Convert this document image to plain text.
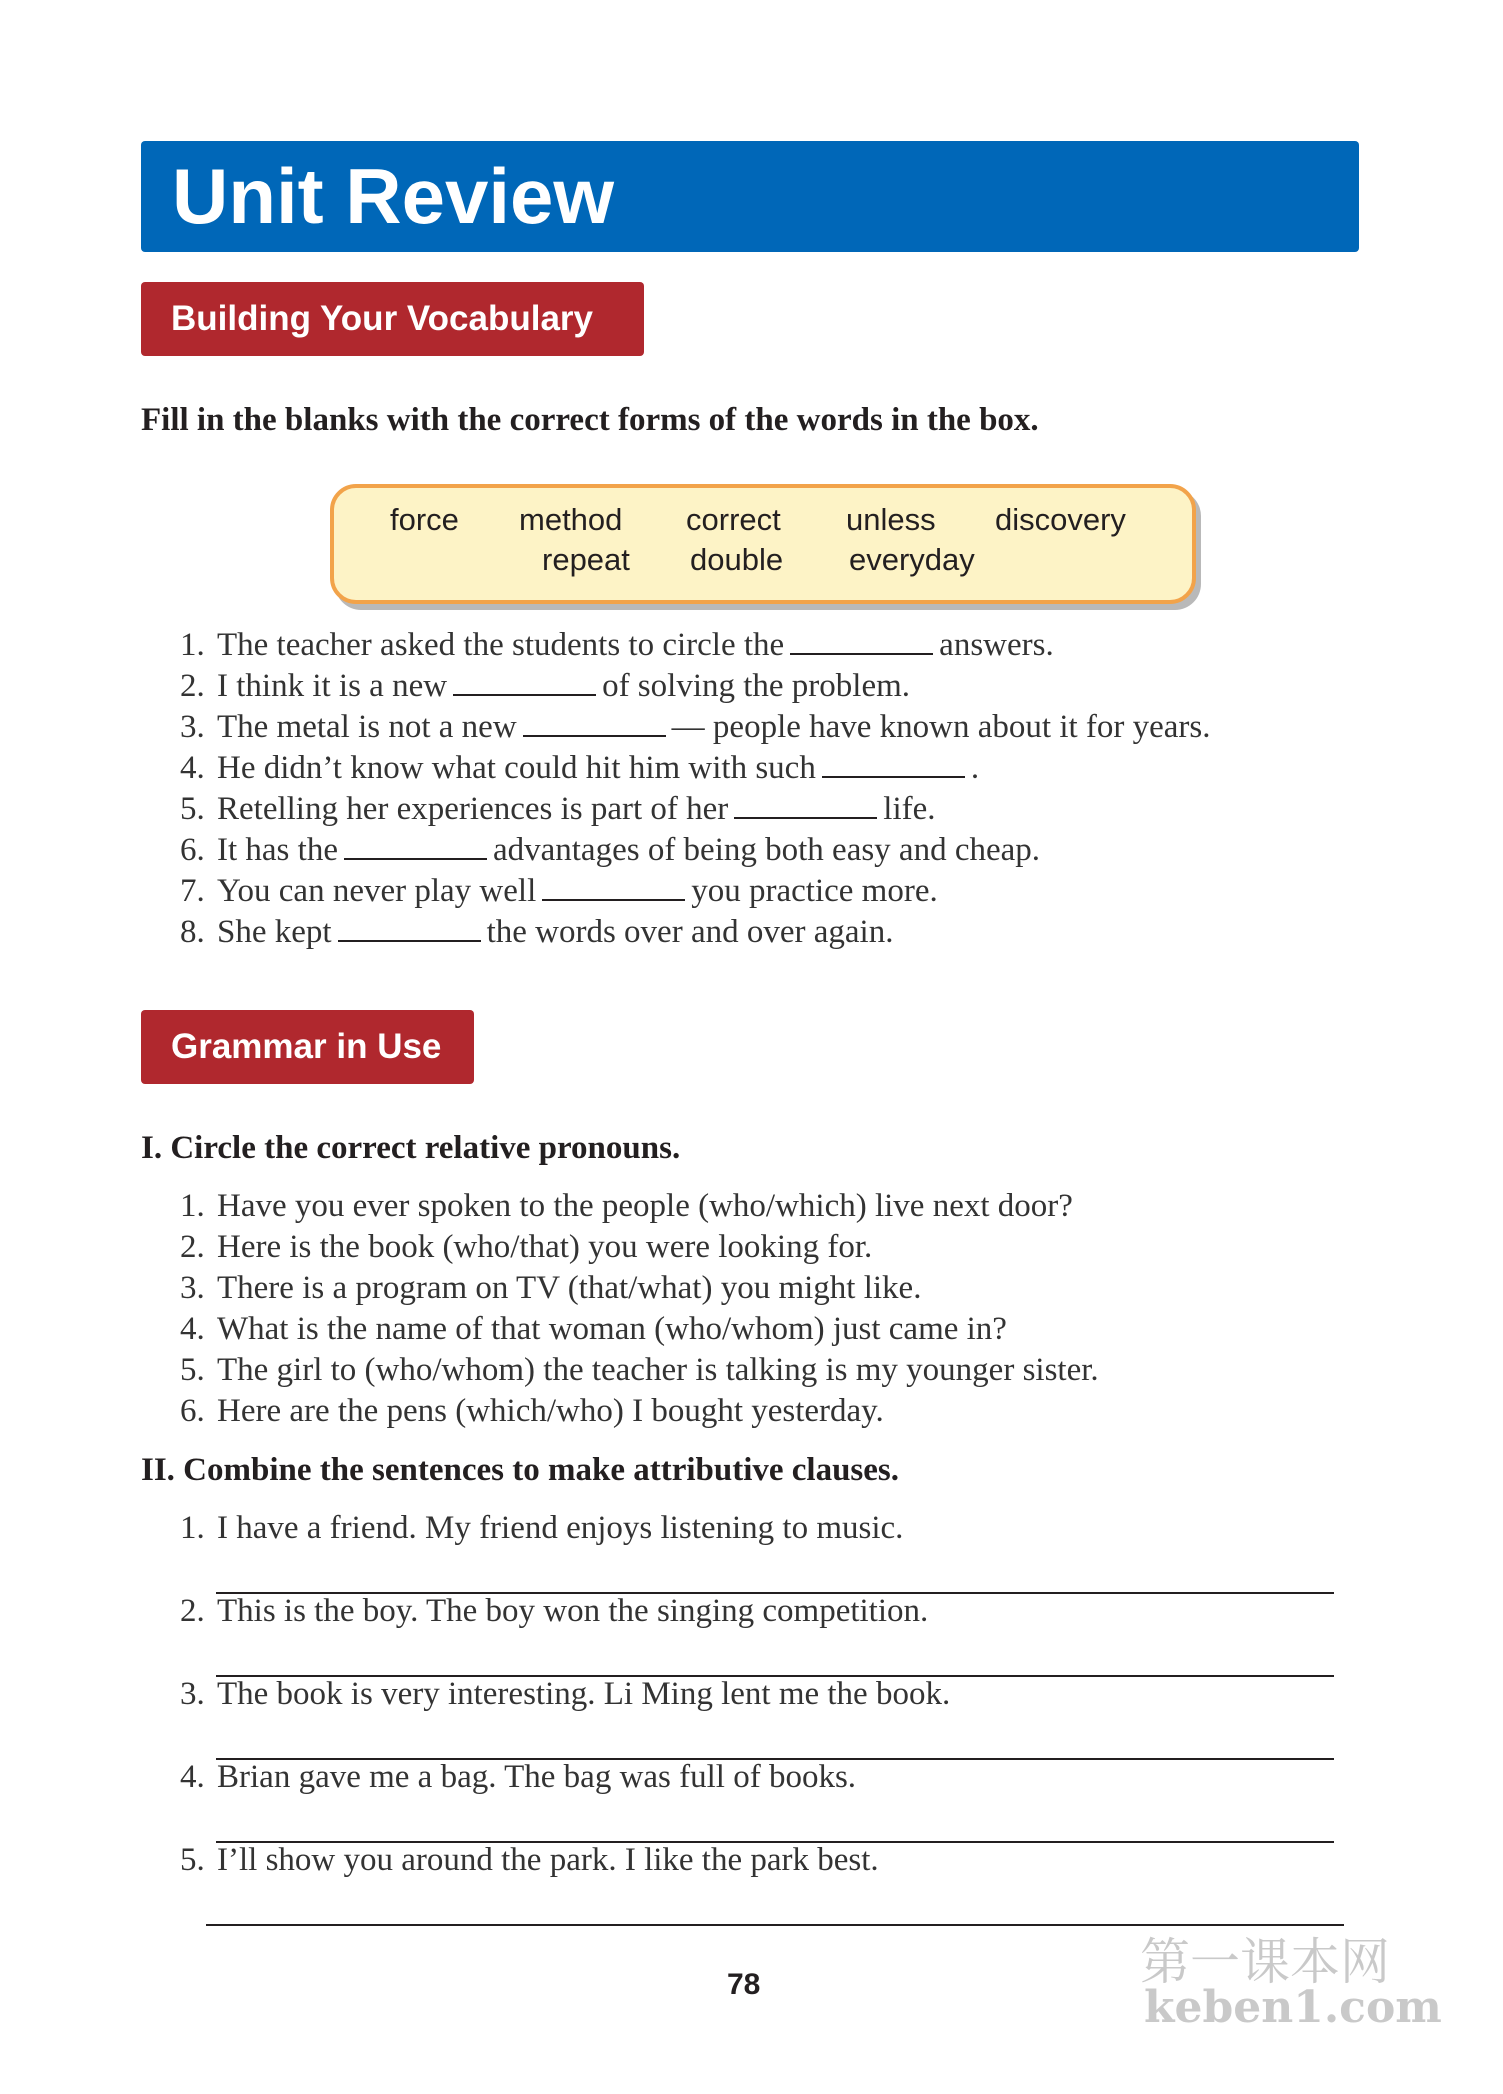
Unit Review
Building Your Vocabulary
Fill in the blanks with the correct forms of the words in the box.
force method correct unless discovery
repeat double everyday
1. The teacher asked the students to circle the	answers.
2. I think it is a new	of solving the problem.
3. The metal is not a new	— people have known about it for years.
4. He didn’t know what could hit him with such	.
5. Retelling her experiences is part of her	life.
6. It has the	advantages of being both easy and cheap.
7. You can never play well	you practice more.
8. She kept	the words over and over again.
Grammar in Use
I. Circle the correct relative pronouns.
1. Have you ever spoken to the people (who/which) live next door?
2. Here is the book (who/that) you were looking for.
3. There is a program on TV (that/what) you might like.
4. What is the name of that woman (who/whom) just came in?
5. The girl to (who/whom) the teacher is talking is my younger sister.
6. Here are the pens (which/who) I bought yesterday.
II. Combine the sentences to make attributive clauses.
1. I have a friend. My friend enjoys listening to music.
2. This is the boy. The boy won the singing competition.
3. The book is very interesting. Li Ming lent me the book.
4. Brian gave me a bag. The bag was full of books.
5. I’ll show you around the park. I like the park best.
78	第一课本网
keben1.com
